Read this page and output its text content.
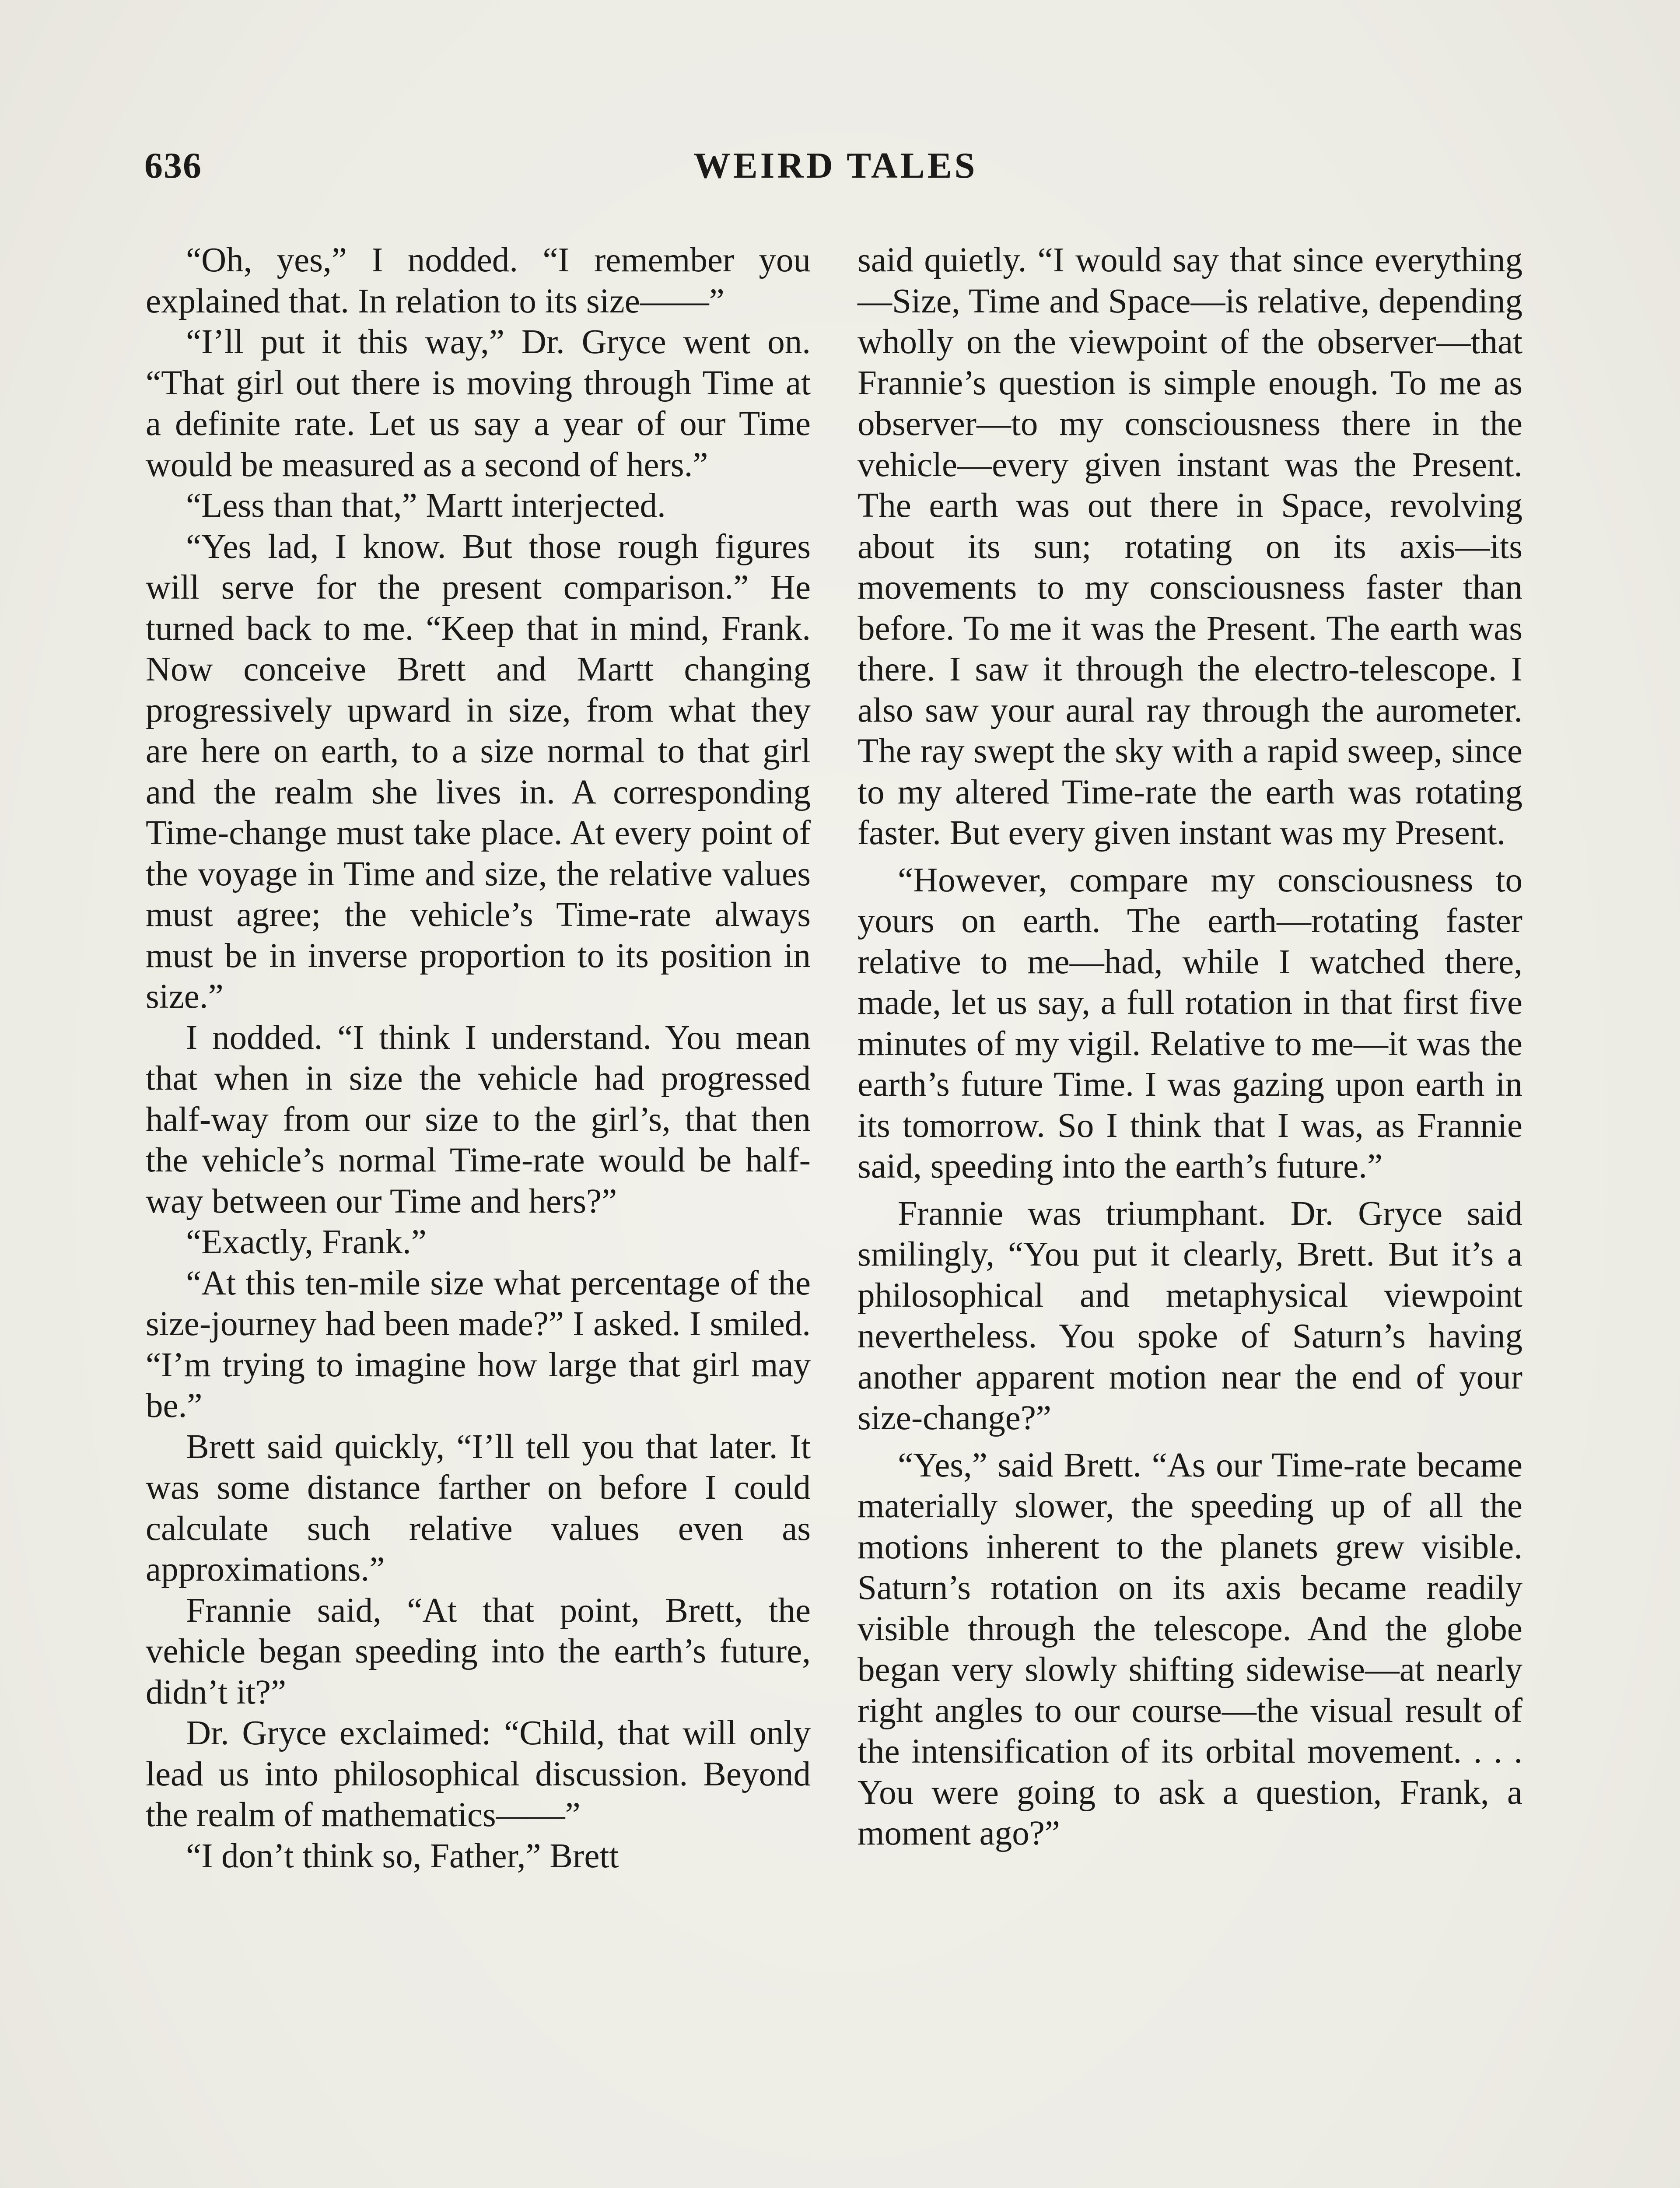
636	WEIRD TALES

“Oh, yes,” I nodded. “I remember you explained that. In relation to its size——”

“I’ll put it this way,” Dr. Gryce went on. “That girl out there is moving through Time at a definite rate. Let us say a year of our Time would be measured as a second of hers.”

“Less than that,” Martt interjected.

“Yes lad, I know. But those rough figures will serve for the present comparison.” He turned back to me. “Keep that in mind, Frank. Now conceive Brett and Martt changing progressively upward in size, from what they are here on earth, to a size normal to that girl and the realm she lives in. A corresponding Time-change must take place. At every point of the voyage in Time and size, the relative values must agree; the vehicle’s Time-rate always must be in inverse proportion to its position in size.”

I nodded. “I think I understand. You mean that when in size the vehicle had progressed half-way from our size to the girl’s, that then the vehicle’s normal Time-rate would be half-way between our Time and hers?”

“Exactly, Frank.”

“At this ten-mile size what percentage of the size-journey had been made?” I asked. I smiled. “I’m trying to imagine how large that girl may be.”

Brett said quickly, “I’ll tell you that later. It was some distance farther on before I could calculate such relative values even as approximations.”

Frannie said, “At that point, Brett, the vehicle began speeding into the earth’s future, didn’t it?”

Dr. Gryce exclaimed: “Child, that will only lead us into philosophical discussion. Beyond the realm of mathematics——”

“I don’t think so, Father,” Brett

said quietly. “I would say that since everything—Size, Time and Space—is relative, depending wholly on the viewpoint of the observer—that Frannie’s question is simple enough. To me as observer—to my consciousness there in the vehicle—every given instant was the Present. The earth was out there in Space, revolving about its sun; rotating on its axis—its movements to my consciousness faster than before. To me it was the Present. The earth was there. I saw it through the electro-telescope. I also saw your aural ray through the aurometer. The ray swept the sky with a rapid sweep, since to my altered Time-rate the earth was rotating faster. But every given instant was my Present.

“However, compare my consciousness to yours on earth. The earth—rotating faster relative to me—had, while I watched there, made, let us say, a full rotation in that first five minutes of my vigil. Relative to me—it was the earth’s future Time. I was gazing upon earth in its tomorrow. So I think that I was, as Frannie said, speeding into the earth’s future.”

Frannie was triumphant. Dr. Gryce said smilingly, “You put it clearly, Brett. But it’s a philosophical and metaphysical viewpoint nevertheless. You spoke of Saturn’s having another apparent motion near the end of your size-change?”

“Yes,” said Brett. “As our Time-rate became materially slower, the speeding up of all the motions inherent to the planets grew visible. Saturn’s rotation on its axis became readily visible through the telescope. And the globe began very slowly shifting sidewise—at nearly right angles to our course—the visual result of the intensification of its orbital movement. . . . You were going to ask a question, Frank, a moment ago?”
